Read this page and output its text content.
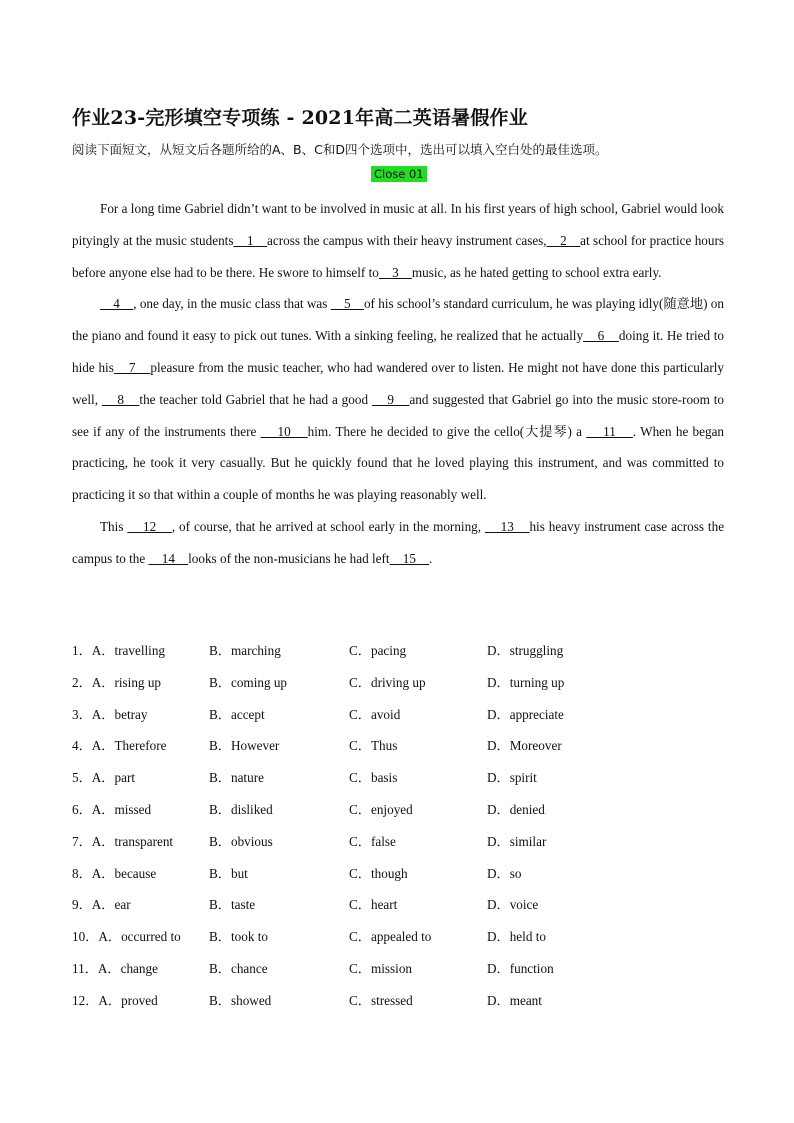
作业23-完形填空专项练 - 2021年高二英语暑假作业
阅读下面短文，从短文后各题所给的A、B、C和D四个选项中，选出可以填入空白处的最佳选项。
Close 01

For a long time Gabriel didn’t want to be involved in music at all. In his first years of high school, Gabriel would look pityingly at the music students    1    across the campus with their heavy instrument cases,    2    at school for practice hours before anyone else had to be there. He swore to himself to    3    music, as he hated getting to school extra early.

4    , one day, in the music class that was     5    of his school’s standard curriculum, he was playing idly(随意地) on the piano and found it easy to pick out tunes. With a sinking feeling, he realized that he actually    6    doing it. He tried to hide his    7    pleasure from the music teacher, who had wandered over to listen. He might not have done this particularly well,     8    the teacher told Gabriel that he had a good     9    and suggested that Gabriel go into the music store-room to see if any of the instruments there     10    him. There he decided to give the cello(大提琴) a     11    . When he began practicing, he took it very casually. But he quickly found that he loved playing this instrument, and was committed to practicing it so that within a couple of months he was playing reasonably well.

This     12    , of course, that he arrived at school early in the morning,     13    his heavy instrument case across the campus to the     14    looks of the non-musicians he had left    15    .

1．A．travelling	B．marching	C．pacing	D．struggling
2．A．rising up	B．coming up	C．driving up	D．turning up
3．A．betray	B．accept	C．avoid	D．appreciate
4．A．Therefore	B．However	C．Thus	D．Moreover
5．A．part	B．nature	C．basis	D．spirit
6．A．missed	B．disliked	C．enjoyed	D．denied
7．A．transparent	B．obvious	C．false	D．similar
8．A．because	B．but	C．though	D．so
9．A．ear	B．taste	C．heart	D．voice
10．A．occurred to B．took to	C．appealed to	D．held to
11．A．change	B．chance	C．mission	D．function
12．A．proved	B．showed	C．stressed	D．meant
